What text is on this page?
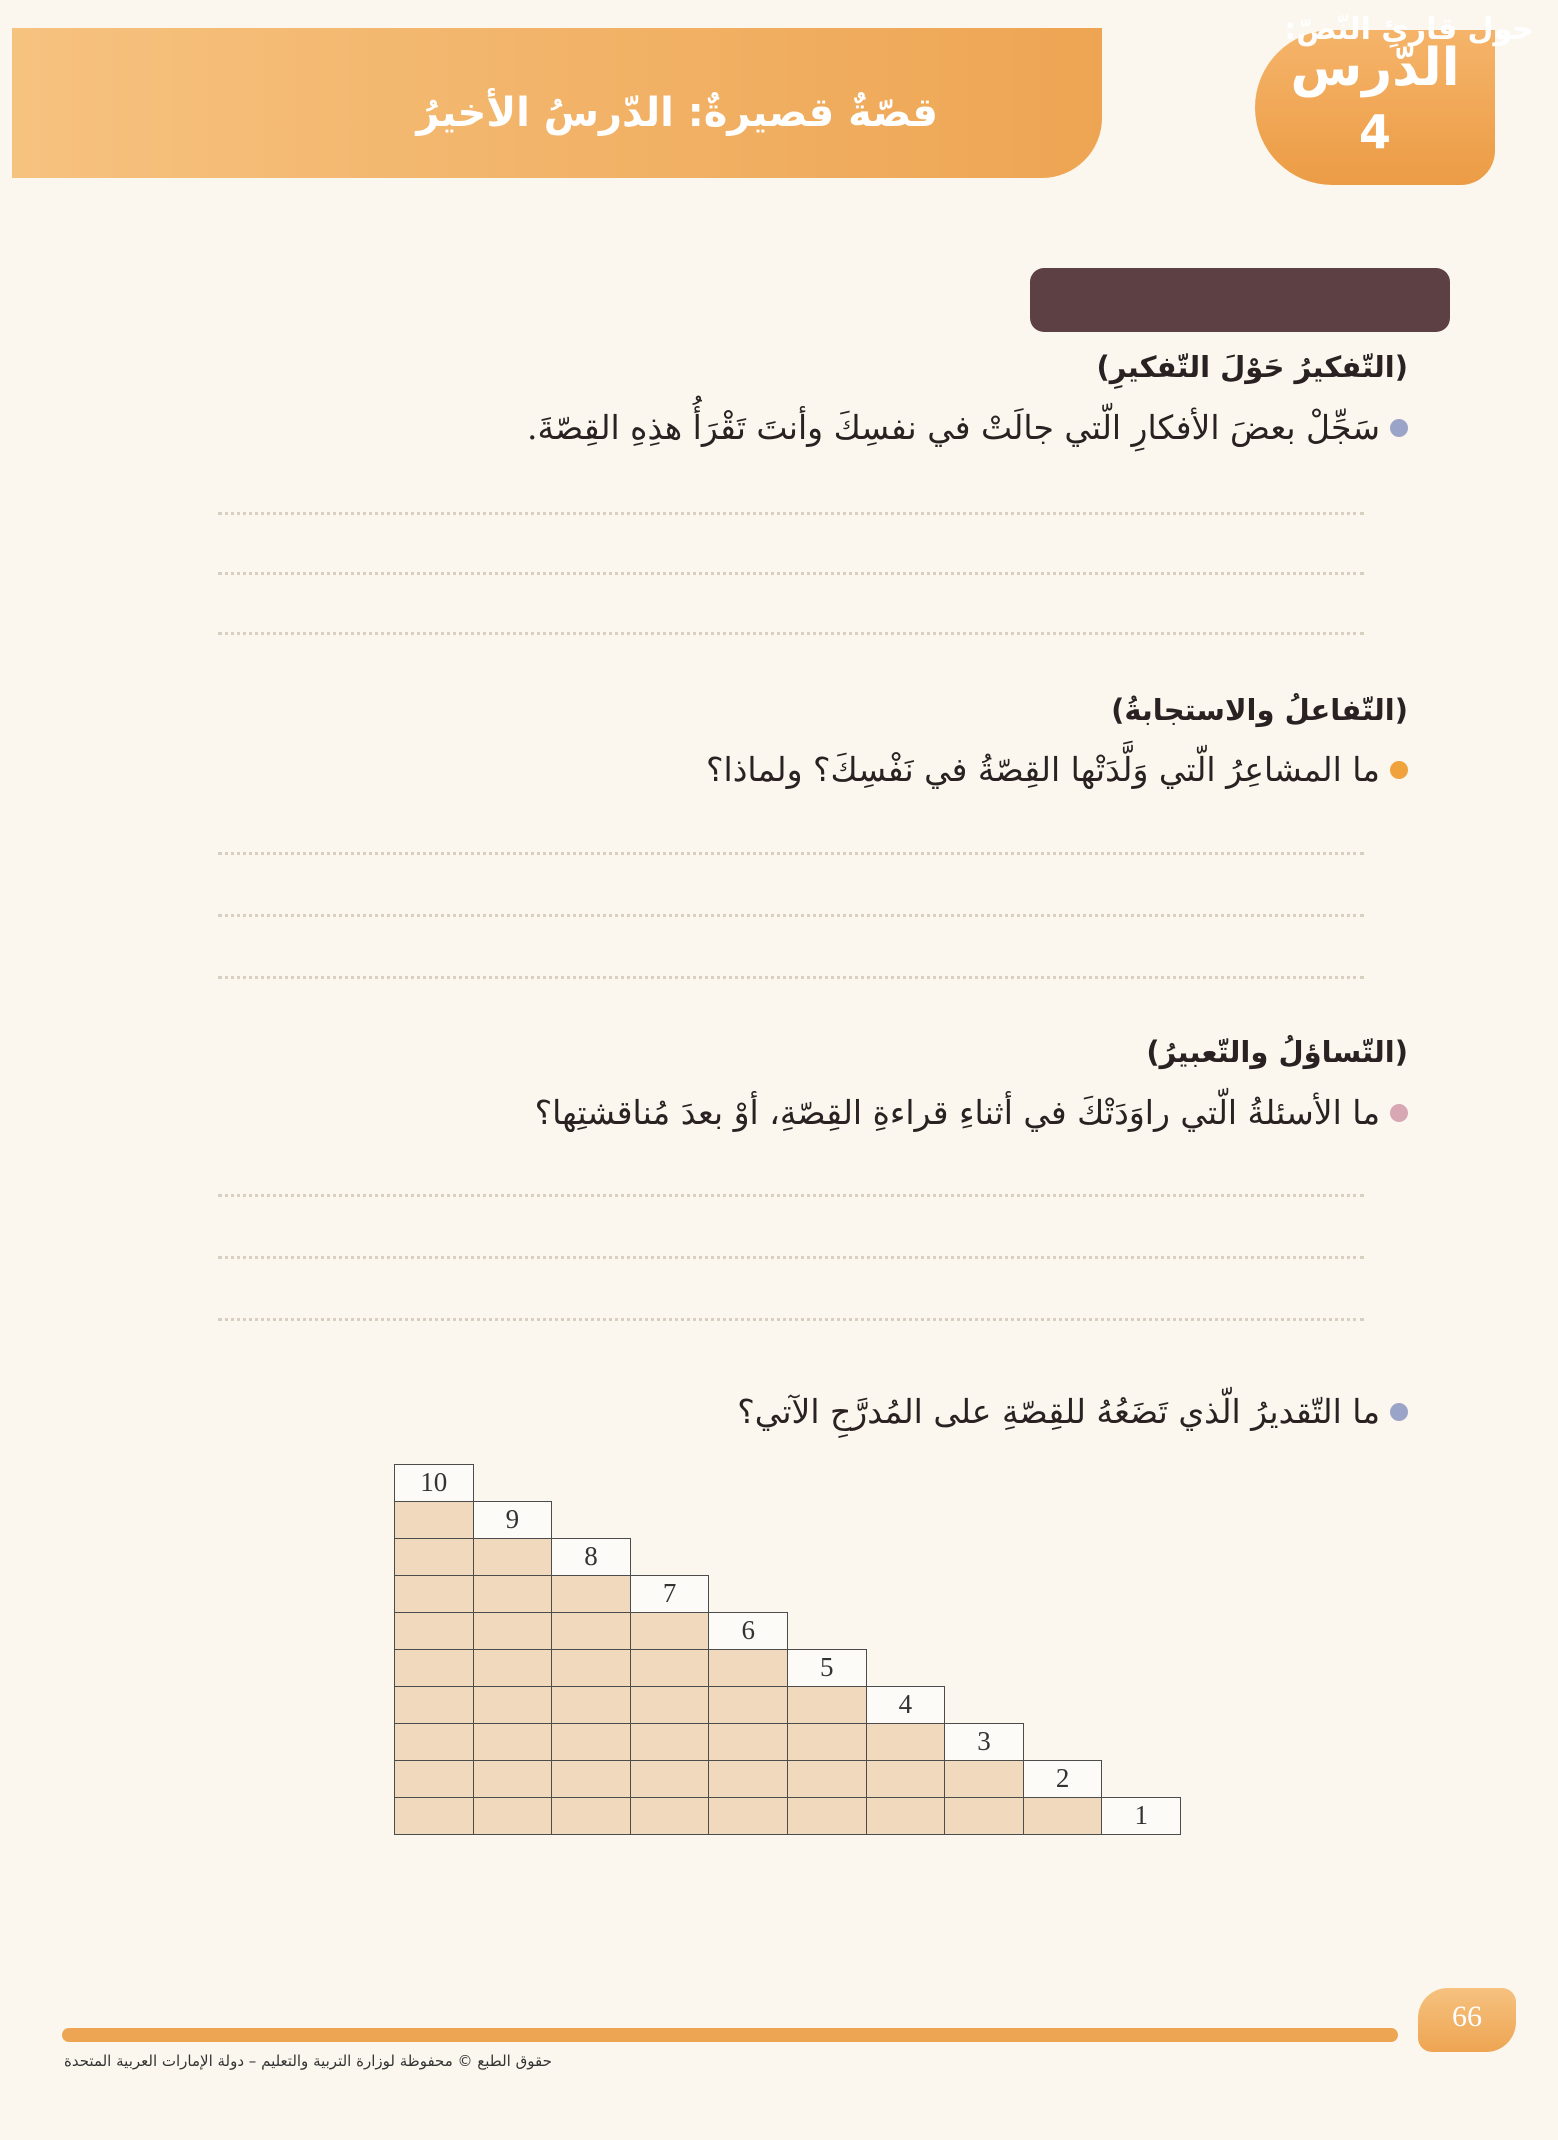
قصّةٌ قصيرةٌ: الدّرسُ الأخيرُ
الدّرس
4
حول قارئِ النّصّ:
(التّفكيرُ حَوْلَ التّفكيرِ)
سَجِّلْ بعضَ الأفكارِ الّتي جالَتْ في نفسِكَ وأنتَ تَقْرَأُ هذِهِ القِصّةَ.
(التّفاعلُ والاستجابةُ)
ما المشاعِرُ الّتي وَلَّدَتْها القِصّةُ في نَفْسِكَ؟ ولماذا؟
(التّساؤلُ والتّعبيرُ)
ما الأسئلةُ الّتي راوَدَتْكَ في أثناءِ قراءةِ القِصّةِ، أوْ بعدَ مُناقشتِها؟
ما التّقديرُ الّذي تَضَعُهُ للقِصّةِ على المُدرَّجِ الآتي؟
10
9
8
7
6
5
4
3
2
1
66
حقوق الطبع © محفوظة لوزارة التربية والتعليم – دولة الإمارات العربية المتحدة
